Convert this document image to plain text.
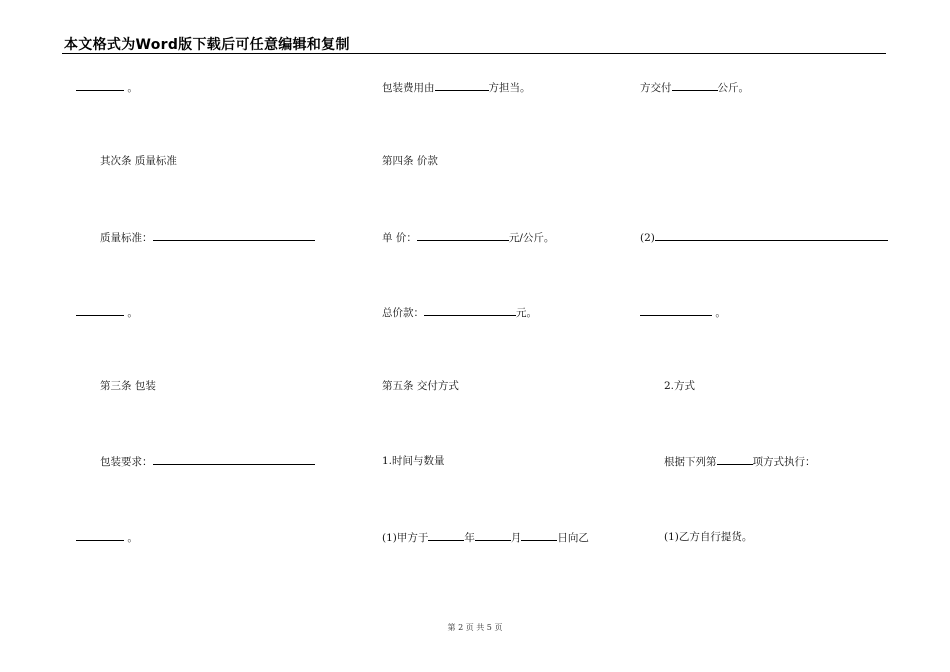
本文格式为Word版下载后可任意编辑和复制
。
其次条 质量标准
质量标准：
。
第三条 包装
包装要求：
。
包装费用由	方担当。
第四条 价款
单 价：	元/公斤。
总价款：	元。
第五条 交付方式
1.时间与数量
(1)甲方于	年	月	日向乙
方交付	公斤。
(2)
。
2.方式
根据下列第	项方式执行：
(1)乙方自行提货。
第 2 页 共 5 页
